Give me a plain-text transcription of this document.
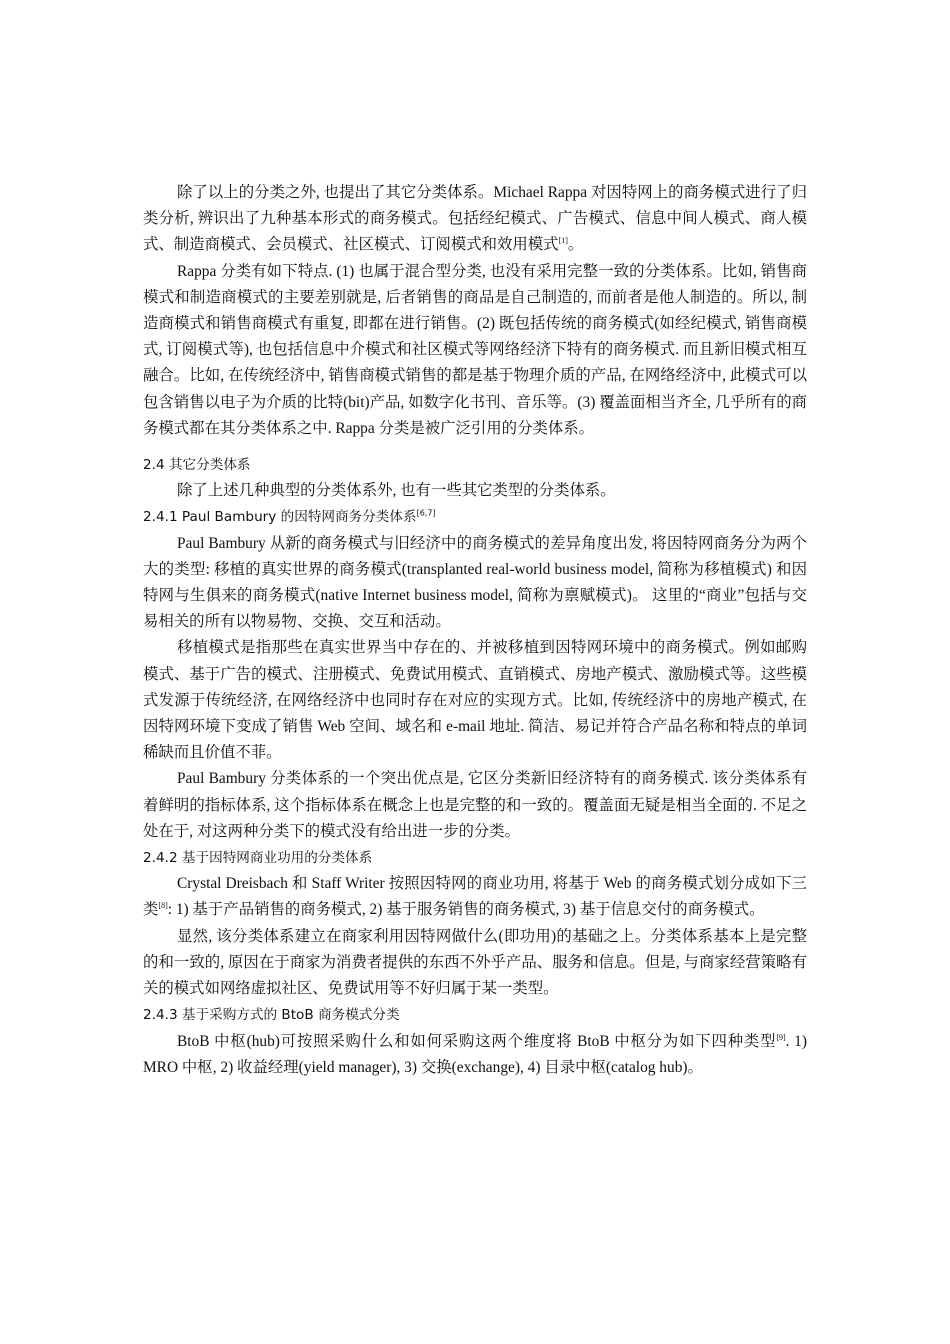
除了以上的分类之外, 也提出了其它分类体系。Michael Rappa 对因特网上的商务模式进行了归类分析, 辨识出了九种基本形式的商务模式。包括经纪模式、广告模式、信息中间人模式、商人模式、制造商模式、会员模式、社区模式、订阅模式和效用模式[1]。

Rappa 分类有如下特点. (1) 也属于混合型分类, 也没有采用完整一致的分类体系。比如, 销售商模式和制造商模式的主要差别就是, 后者销售的商品是自己制造的, 而前者是他人制造的。所以, 制造商模式和销售商模式有重复, 即都在进行销售。(2) 既包括传统的商务模式(如经纪模式, 销售商模式, 订阅模式等), 也包括信息中介模式和社区模式等网络经济下特有的商务模式. 而且新旧模式相互融合。比如, 在传统经济中, 销售商模式销售的都是基于物理介质的产品, 在网络经济中, 此模式可以包含销售以电子为介质的比特(bit)产品, 如数字化书刊、音乐等。(3) 覆盖面相当齐全, 几乎所有的商务模式都在其分类体系之中. Rappa 分类是被广泛引用的分类体系。

2.4 其它分类体系

除了上述几种典型的分类体系外, 也有一些其它类型的分类体系。

2.4.1 Paul Bambury 的因特网商务分类体系[6,7]

Paul Bambury 从新的商务模式与旧经济中的商务模式的差异角度出发, 将因特网商务分为两个大的类型: 移植的真实世界的商务模式(transplanted real-world business model, 简称为移植模式) 和因特网与生俱来的商务模式(native Internet business model, 简称为禀赋模式)。 这里的“商业”包括与交易相关的所有以物易物、交换、交互和活动。

移植模式是指那些在真实世界当中存在的、并被移植到因特网环境中的商务模式。例如邮购模式、基于广告的模式、注册模式、免费试用模式、直销模式、房地产模式、激励模式等。这些模式发源于传统经济, 在网络经济中也同时存在对应的实现方式。比如, 传统经济中的房地产模式, 在因特网环境下变成了销售 Web 空间、域名和 e-mail 地址. 简洁、易记并符合产品名称和特点的单词稀缺而且价值不菲。

Paul Bambury 分类体系的一个突出优点是, 它区分类新旧经济特有的商务模式. 该分类体系有着鲜明的指标体系, 这个指标体系在概念上也是完整的和一致的。覆盖面无疑是相当全面的. 不足之处在于, 对这两种分类下的模式没有给出进一步的分类。

2.4.2 基于因特网商业功用的分类体系

Crystal Dreisbach 和 Staff Writer 按照因特网的商业功用, 将基于 Web 的商务模式划分成如下三类[8]: 1) 基于产品销售的商务模式, 2) 基于服务销售的商务模式, 3) 基于信息交付的商务模式。

显然, 该分类体系建立在商家利用因特网做什么(即功用)的基础之上。分类体系基本上是完整的和一致的, 原因在于商家为消费者提供的东西不外乎产品、服务和信息。但是, 与商家经营策略有关的模式如网络虚拟社区、免费试用等不好归属于某一类型。

2.4.3 基于采购方式的 BtoB 商务模式分类

BtoB 中枢(hub)可按照采购什么和如何采购这两个维度将 BtoB 中枢分为如下四种类型[9]. 1) MRO 中枢, 2) 收益经理(yield manager), 3) 交换(exchange), 4) 目录中枢(catalog hub)。
